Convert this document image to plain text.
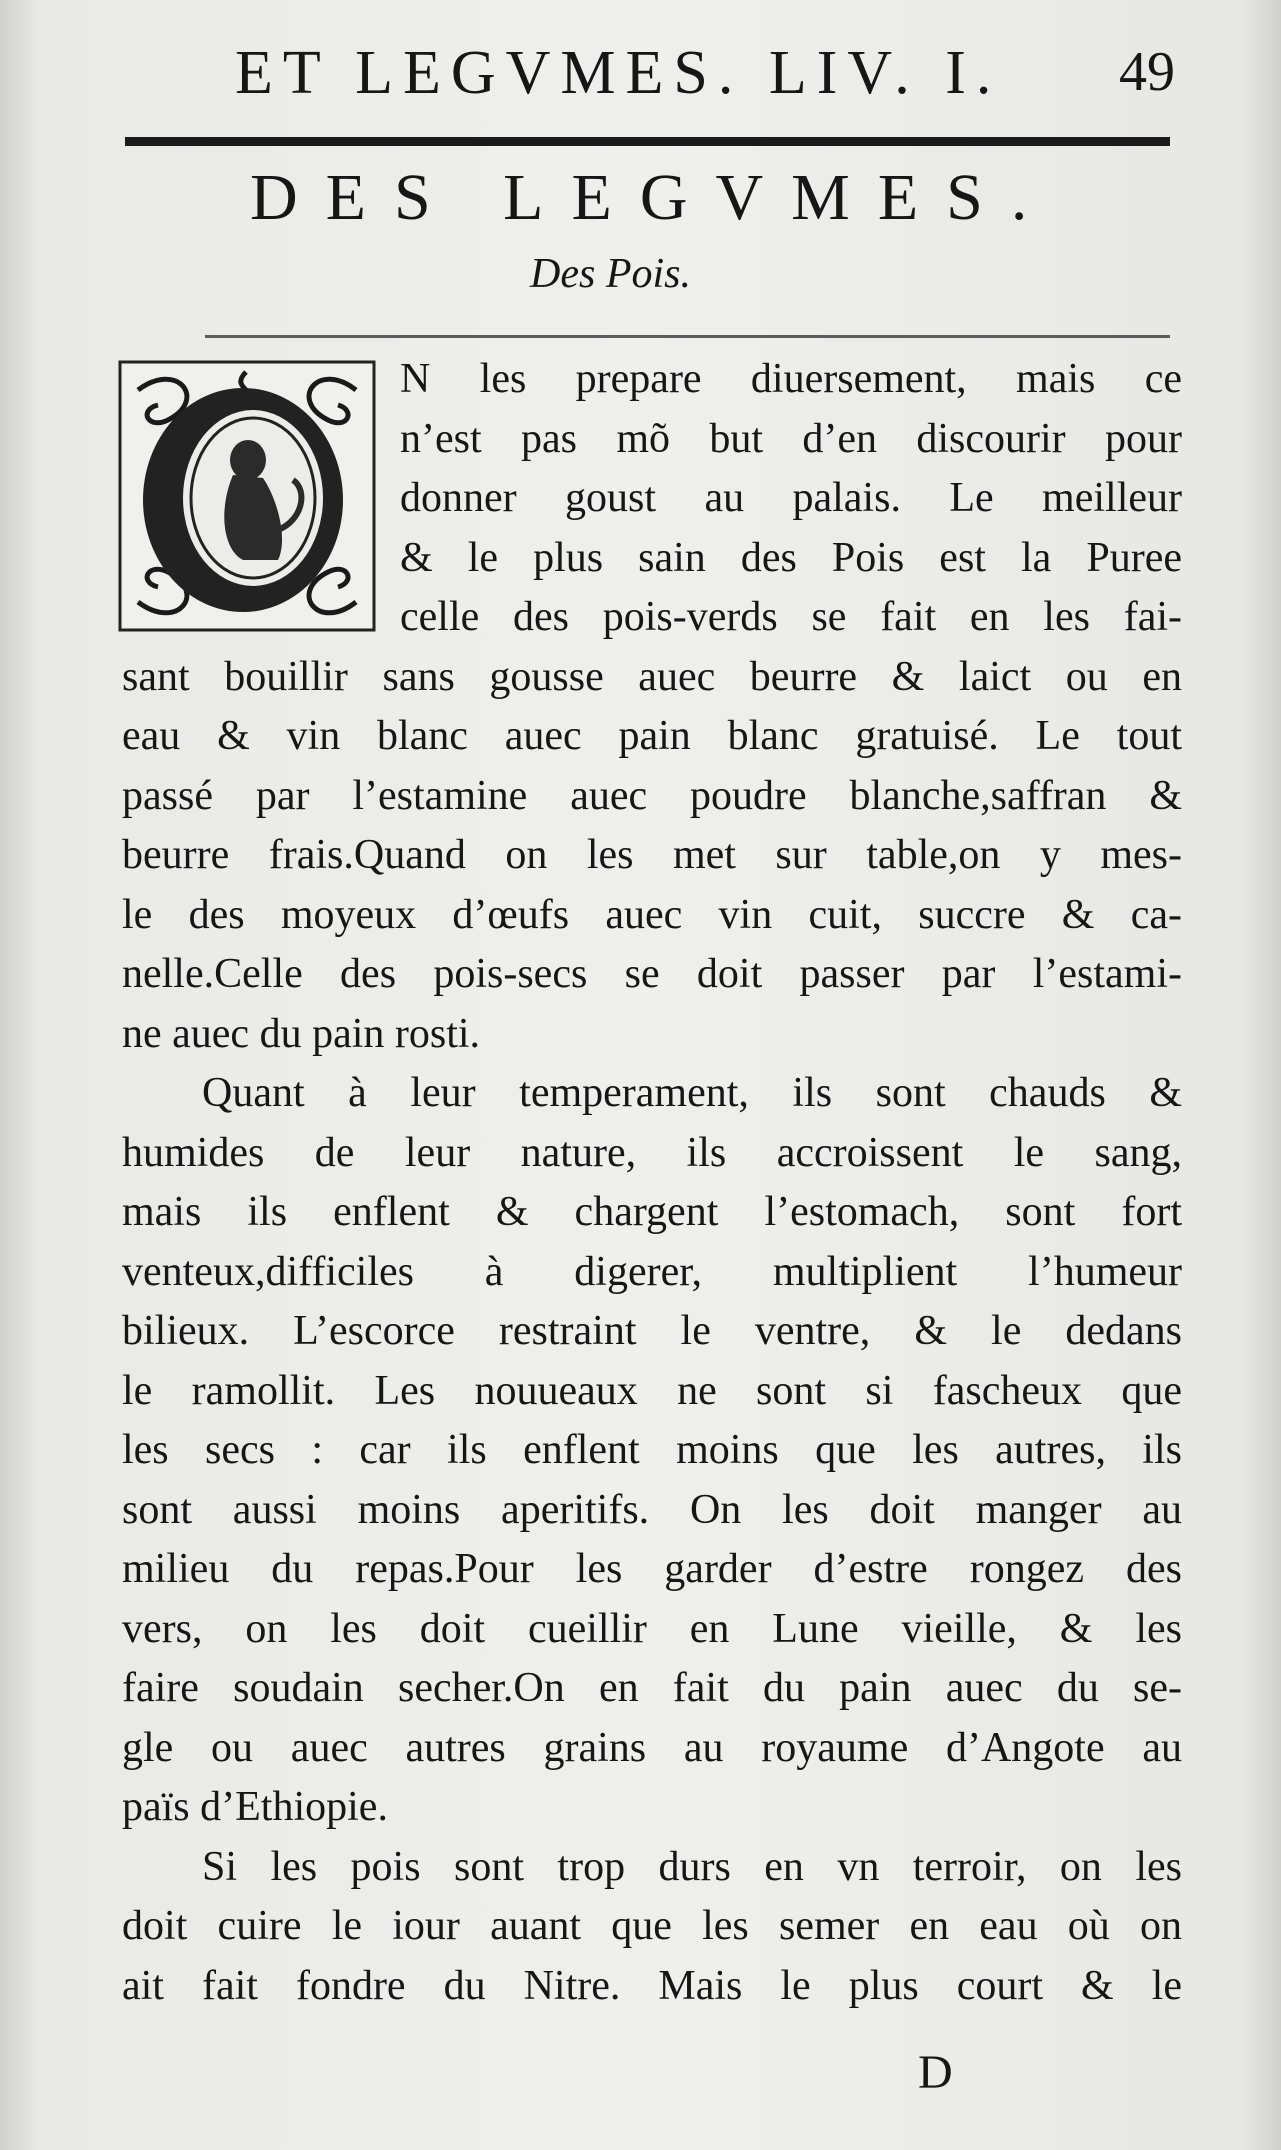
ET LEGVMES. LIV. I. 49
DES LEGVMES.
Des Pois.
N les prepare diuersement, mais ce
n’est pas mõ but d’en discourir pour
donner goust au palais. Le meilleur
& le plus sain des Pois est la Puree
celle des pois-verds se fait en les fai-
sant bouillir sans gousse auec beurre & laict ou en
eau & vin blanc auec pain blanc gratuisé. Le tout
passé par l’estamine auec poudre blanche,saffran &
beurre frais.Quand on les met sur table,on y mes-
le des moyeux d’œufs auec vin cuit, succre & ca-
nelle.Celle des pois-secs se doit passer par l’estami-
ne auec du pain rosti.
Quant à leur temperament, ils sont chauds &
humides de leur nature, ils accroissent le sang,
mais ils enflent & chargent l’estomach, sont fort
venteux,difficiles à digerer, multiplient l’humeur
bilieux. L’escorce restraint le ventre, & le dedans
le ramollit. Les nouueaux ne sont si fascheux que
les secs : car ils enflent moins que les autres, ils
sont aussi moins aperitifs. On les doit manger au
milieu du repas.Pour les garder d’estre rongez des
vers, on les doit cueillir en Lune vieille, & les
faire soudain secher.On en fait du pain auec du se-
gle ou auec autres grains au royaume d’Angote au
païs d’Ethiopie.
Si les pois sont trop durs en vn terroir, on les
doit cuire le iour auant que les semer en eau où on
ait fait fondre du Nitre. Mais le plus court & le
D
